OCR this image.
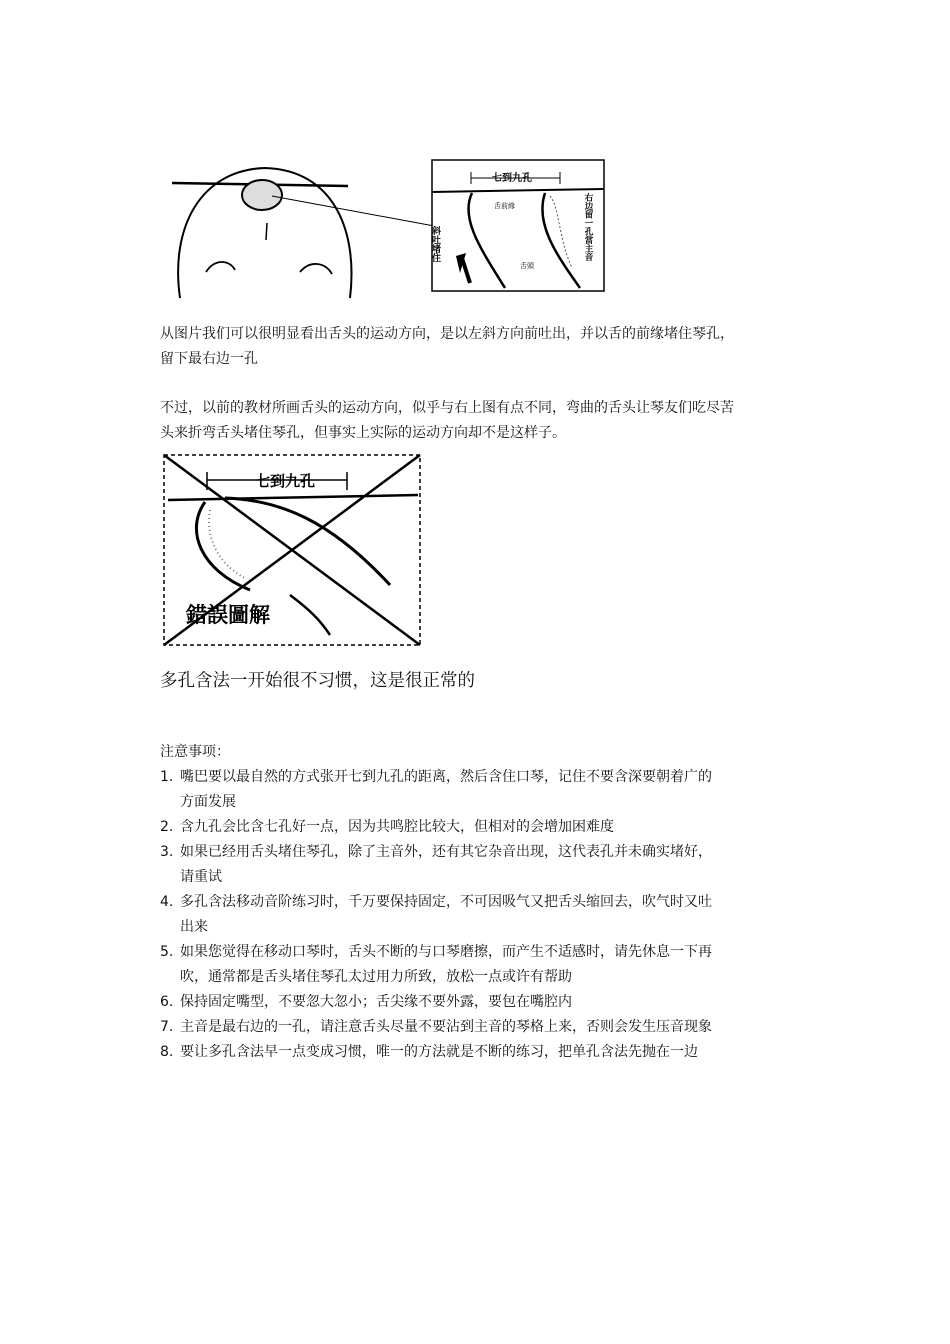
七到九孔
舌前緣
舌頭
斜吐堵住	右边留一孔當主音

从图片我们可以很明显看出舌头的运动方向，是以左斜方向前吐出，并以舌的前缘堵住琴孔，留下最右边一孔

不过，以前的教材所画舌头的运动方向，似乎与右上图有点不同，弯曲的舌头让琴友们吃尽苦头来折弯舌头堵住琴孔，但事实上实际的运动方向却不是这样子。

七到九孔
錯誤圖解

多孔含法一开始很不习惯，这是很正常的

注意事项：

1. 嘴巴要以最自然的方式张开七到九孔的距离，然后含住口琴，记住不要含深要朝着广的方面发展
2. 含九孔会比含七孔好一点，因为共鸣腔比较大，但相对的会增加困难度
3. 如果已经用舌头堵住琴孔，除了主音外，还有其它杂音出现，这代表孔并未确实堵好，请重试
4. 多孔含法移动音阶练习时，千万要保持固定，不可因吸气又把舌头缩回去，吹气时又吐出来
5. 如果您觉得在移动口琴时，舌头不断的与口琴磨擦，而产生不适感时，请先休息一下再吹，通常都是舌头堵住琴孔太过用力所致，放松一点或许有帮助
6. 保持固定嘴型，不要忽大忽小；舌尖缘不要外露，要包在嘴腔内
7. 主音是最右边的一孔，请注意舌头尽量不要沾到主音的琴格上来，否则会发生压音现象
8. 要让多孔含法早一点变成习惯，唯一的方法就是不断的练习，把单孔含法先抛在一边
